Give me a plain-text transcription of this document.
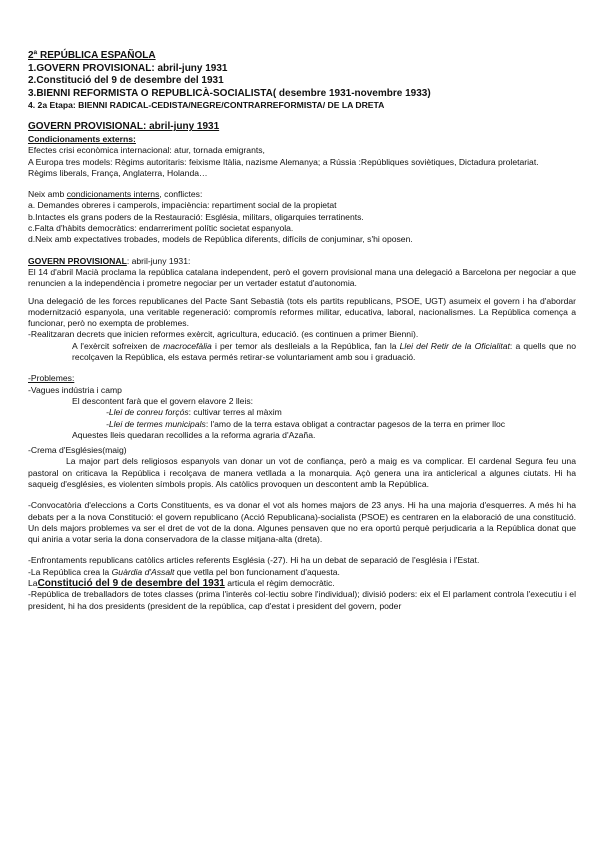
2ª REPÚBLICA ESPAÑOLA
1.GOVERN PROVISIONAL: abril-juny 1931
2.Constitució del 9 de desembre del 1931
3.BIENNI REFORMISTA O REPUBLICÀ-SOCIALISTA( desembre 1931-novembre 1933)
4. 2a Etapa: BIENNI RADICAL-CEDISTA/NEGRE/CONTRARREFORMISTA/ DE LA DRETA
GOVERN PROVISIONAL: abril-juny 1931
Condicionaments externs:

Efectes crisi econòmica internacional: atur, tornada emigrants,

A Europa tres models: Règims autoritaris: feixisme Itàlia, nazisme Alemanya; a Rússia :Repúbliques soviètiques, Dictadura proletariat.

Règims liberals, França, Anglaterra, Holanda…

Neix amb condicionaments interns, conflictes:

a. Demandes obreres i camperols, impaciència: repartiment social de la propietat

b.Intactes els grans poders de la Restauració: Església, militars, oligarquies terratinents.

c.Falta d'hàbits democràtics: endarreriment polític societat espanyola.

d.Neix amb expectatives trobades, models de República diferents, difícils de conjuminar, s'hi oposen.

GOVERN PROVISIONAL: abril-juny 1931:

El 14 d'abril Macià proclama la república catalana independent, però el govern provisional mana una delegació a Barcelona per negociar a que renuncien a la independència i prometre negociar per un vertader estatut d'autonomia.

Una delegació de les forces republicanes del Pacte Sant Sebastià (tots els partits republicans, PSOE, UGT) asumeix el govern i ha d'abordar modernització espanyola, una veritable regeneració: compromís reformes militar, educativa, laboral, nacionalismes. La República comença a funcionar, però no exempta de problemes.

-Realitzaran decrets que inicien reformes exèrcit, agricultura, educació. (es continuen a primer Bienni).

A l'exèrcit sofreixen de macrocefàlia i per temor als deslleials a la República, fan la Llei del Retir de la Oficialitat: a quells que no recolçaven la República, els estava permés retirar-se voluntariament amb sou i graduació.

-Problemes:

-Vagues indústria i camp

El descontent farà que el govern elavore 2 lleis:

-Llei de conreu forçós: cultivar terres al màxim

-Llei de termes municipals: l'amo de la terra estava obligat a contractar pagesos de la terra en primer lloc

Aquestes lleis quedaran recollides a la reforma agraria d'Azaña.

-Crema d'Esglésies(maig)

La major part dels religiosos espanyols van donar un vot de confiança, però a maig es va complicar. El cardenal Segura feu una pastoral on criticava la República i recolçava de manera vetllada a la monarquia. Açò genera una ira anticlerical a algunes ciutats. Hi ha saqueig d'esglésies, es violenten símbols propis. Als catòlics provoquen un descontent amb la República.

-Convocatòria d'eleccions a Corts Constituents, es va donar el vot als homes majors de 23 anys. Hi ha una majoria d'esquerres. A més hi ha debats per a la nova Constitució: el govern republicano (Acció Republicana)-socialista (PSOE) es centraren en la elaboració de una constitució. Un dels majors problemes va ser el dret de vot de la dona. Algunes pensaven que no era oportú perquè perjudicaria a la República donat que qui aniria a votar seria la dona conservadora de la classe mitjana-alta (dreta).

-Enfrontaments republicans catòlics articles referents Església (-27). Hi ha un debat de separació de l'església i l'Estat.

-La República crea la Guàrdia d'Assalt que vetlla pel bon funcionament d'aquesta.

LaConstitució del 9 de desembre del 1931 articula el règim democràtic.

-República de treballadors de totes classes (prima l'interès col·lectiu sobre l'individual); divisió poders: eix el El parlament controla l'executiu i el president, hi ha dos presidents (president de la república, cap d'estat i president del govern, poder
